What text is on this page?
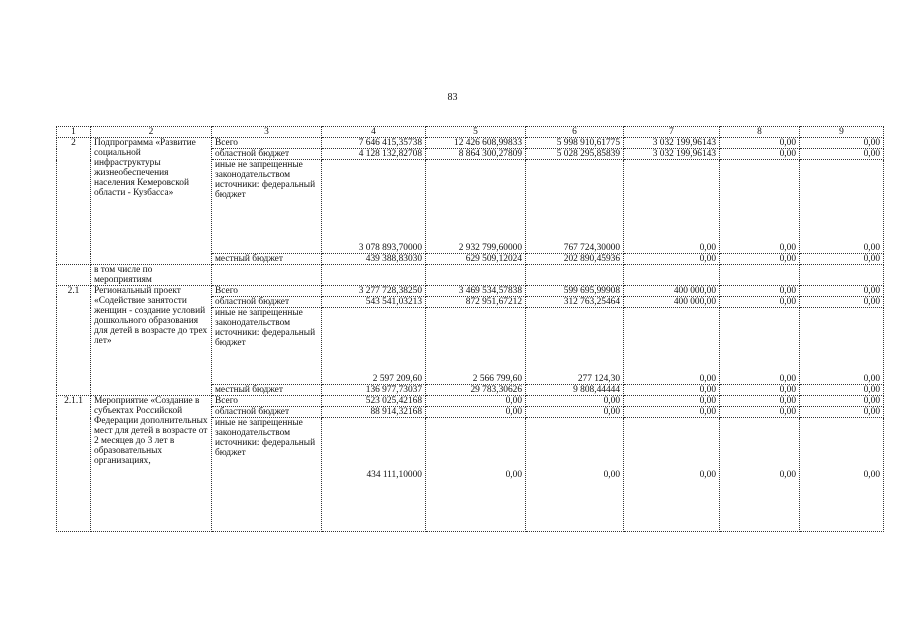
83
1	2	3	4	5	6	7	8	9
2	Подпрограмма «Развитие социальной инфраструктуры жизнеобеспечения населения Кемеровской области - Кузбасса»	Всего	7 646 415,35738	12 426 608,99833	5 998 910,61775	3 032 199,96143	0,00	0,00
		областной бюджет	4 128 132,82708	8 864 300,27809	5 028 295,85839	3 032 199,96143	0,00	0,00
		иные не запрещенные законодательством источники: федеральный бюджет	3 078 893,70000	2 932 799,60000	767 724,30000	0,00	0,00	0,00
		местный бюджет	439 388,83030	629 509,12024	202 890,45936	0,00	0,00	0,00
	в том числе по мероприятиям							
2.1	Региональный проект «Содействие занятости женщин - создание условий дошкольного образования для детей в возрасте до трех лет»	Всего	3 277 728,38250	3 469 534,57838	599 695,99908	400 000,00	0,00	0,00
		областной бюджет	543 541,03213	872 951,67212	312 763,25464	400 000,00	0,00	0,00
		иные не запрещенные законодательством источники: федеральный бюджет	2 597 209,60	2 566 799,60	277 124,30	0,00	0,00	0,00
		местный бюджет	136 977,73037	29 783,30626	9 808,44444	0,00	0,00	0,00
2.1.1	Мероприятие «Создание в субъектах Российской Федерации дополнительных мест для детей в возрасте от 2 месяцев до 3 лет в образовательных организациях,	Всего	523 025,42168	0,00	0,00	0,00	0,00	0,00
		областной бюджет	88 914,32168	0,00	0,00	0,00	0,00	0,00
		иные не запрещенные законодательством источники: федеральный бюджет	434 111,10000	0,00	0,00	0,00	0,00	0,00
